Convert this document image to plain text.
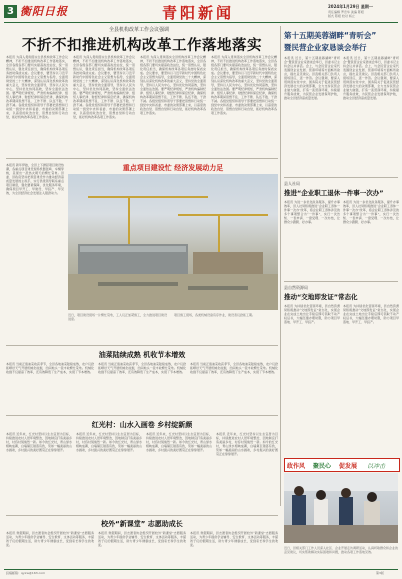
3 衡阳日报	青阳新闻	2024年1月29日 星期一
责任编辑 罗忠华 美编 陈昭
版式 陈昭 校对 杨立
全县机构改革工作会议强调
不折不扣推进机构改革工作落地落实
本报讯 为深入贯彻落实全县机构改革工作会议精神，不折不扣推进机构改革工作落地落实，全县各级各部门要切实提高政治站位，统一思想认识，强化责任担当，确保机构改革各项任务按时保质完成。会议要求，要坚持以习近平新时代中国特色社会主义思想为指导，全面贯彻党的二十大精神，深刻认识深化机构改革的重大意义，坚持党的全面领导，坚持以人民为中心，坚持优化协同高效，坚持全面依法治国。要严明纪律规矩，严肃机构编制纪律、组织人事纪律、财经纪律和保密纪律，确保机构改革期间思想不乱、工作不断、队伍不散、干劲不减。各级党组织和领导干部要把思想和行动统一到党中央和省委、市委的决策部署上来，以高度的政治自觉、思想自觉和行动自觉，抓好机构改革各项工作落实。
本报讯 为深入贯彻落实全县机构改革工作会议精神，不折不扣推进机构改革工作落地落实，全县各级各部门要切实提高政治站位，统一思想认识，强化责任担当，确保机构改革各项任务按时保质完成。会议要求，要坚持以习近平新时代中国特色社会主义思想为指导，全面贯彻党的二十大精神，深刻认识深化机构改革的重大意义，坚持党的全面领导，坚持以人民为中心，坚持优化协同高效，坚持全面依法治国。要严明纪律规矩，严肃机构编制纪律、组织人事纪律、财经纪律和保密纪律，确保机构改革期间思想不乱、工作不断、队伍不散、干劲不减。各级党组织和领导干部要把思想和行动统一到党中央和省委、市委的决策部署上来，以高度的政治自觉、思想自觉和行动自觉，抓好机构改革各项工作落实。
本报讯 为深入贯彻落实全县机构改革工作会议精神，不折不扣推进机构改革工作落地落实，全县各级各部门要切实提高政治站位，统一思想认识，强化责任担当，确保机构改革各项任务按时保质完成。会议要求，要坚持以习近平新时代中国特色社会主义思想为指导，全面贯彻党的二十大精神，深刻认识深化机构改革的重大意义，坚持党的全面领导，坚持以人民为中心，坚持优化协同高效，坚持全面依法治国。要严明纪律规矩，严肃机构编制纪律、组织人事纪律、财经纪律和保密纪律，确保机构改革期间思想不乱、工作不断、队伍不散、干劲不减。各级党组织和领导干部要把思想和行动统一到党中央和省委、市委的决策部署上来，以高度的政治自觉、思想自觉和行动自觉，抓好机构改革各项工作落实。
本报讯 为深入贯彻落实全县机构改革工作会议精神，不折不扣推进机构改革工作落地落实，全县各级各部门要切实提高政治站位，统一思想认识，强化责任担当，确保机构改革各项任务按时保质完成。会议要求，要坚持以习近平新时代中国特色社会主义思想为指导，全面贯彻党的二十大精神，深刻认识深化机构改革的重大意义，坚持党的全面领导，坚持以人民为中心，坚持优化协同高效，坚持全面依法治国。要严明纪律规矩，严肃机构编制纪律、组织人事纪律、财经纪律和保密纪律，确保机构改革期间思想不乱、工作不断、队伍不散、干劲不减。各级党组织和领导干部要把思想和行动统一到党中央和省委、市委的决策部署上来，以高度的政治自觉、思想自觉和行动自觉，抓好机构改革各项工作落实。
第十五期美蓉湖畔“青听会”
暨民营企业家恳谈会举行
本报讯 近日，第十五期美蓉湖畔“青听会”暨民营企业家恳谈会举行，县委书记主持会议并讲话。会上，与会民营企业家代表围绕企业发展、营商环境等方面畅所欲言，提出意见建议。县直相关部门负责人现场回应，逐一作答。会议强调，要深入贯彻落实党中央、国务院关于促进民营经济发展壮大的决策部署，全力支持民营企业做大做强，打造一流营商环境，持续提升服务质效，为民营企业发展保驾护航，推动全县经济高质量发展。
本报讯 近日，第十五期美蓉湖畔“青听会”暨民营企业家恳谈会举行，县委书记主持会议并讲话。会上，与会民营企业家代表围绕企业发展、营商环境等方面畅所欲言，提出意见建议。县直相关部门负责人现场回应，逐一作答。会议强调，要深入贯彻落实党中央、国务院关于促进民营经济发展壮大的决策部署，全力支持民营企业做大做强，打造一流营商环境，持续提升服务质效，为民营企业发展保驾护航，推动全县经济高质量发展。
本报讯 新年伊始，全县上下掀起项目建设热潮，各重点项目建设现场机器轰鸣、车辆穿梭，呈现出一派热火朝天的繁忙景象。县委、县政府坚持把项目建设作为推动经济高质量发展的主抓手，实行县级领导联系重点项目制度，强化要素保障，优化服务环境，确保项目早开工、早建设、早投产、早见效，为全县经济社会发展注入强劲动力。
重点项目建设忙 经济发展动力足
近日，项目建设现场一片繁忙景象，工人们正加紧施工，全力推进项目建设进度。
项目施工现场，各类机械设备有序作业，建设者们抢抓工期。
县人社局
推进“企业职工退休一件事一次办”
本报讯 为进一步优化政务服务，提升办事效率，县人社局积极推进“企业职工退休一件事一次办”改革，将企业职工退休涉及的多个事项整合为“一件事”，实行一次告知、一表申请、一窗受理、一次办结，让群众少跑腿、好办事。
本报讯 为进一步优化政务服务，提升办事效率，县人社局积极推进“企业职工退休一件事一次办”改革，将企业职工退休涉及的多个事项整合为“一件事”，实行一次告知、一表申请、一窗受理、一次办结，让群众少跑腿、好办事。
县自然资源局
推动“交地即发证”常态化
本报讯 为持续优化营商环境，县自然资源局积极推动“交地即发证”常态化，实现企业在完成土地出让手续后即可领取不动产权证书，大幅压缩办理时限，助力项目早落地、早开工、早投产。
本报讯 为持续优化营商环境，县自然资源局积极推动“交地即发证”常态化，实现企业在完成土地出让手续后即可领取不动产权证书，大幅压缩办理时限，助力项目早落地、早开工、早投产。
油菜陆续成熟 机收节本增效
本报讯 当前正值油菜收获季节，全县各地油菜陆续成熟，农户们抢抓晴好天气开展机械化收割，田间地头一派丰收繁忙景象。机械化收割不仅提高了效率，还有效降低了生产成本，实现了节本增效。
本报讯 当前正值油菜收获季节，全县各地油菜陆续成熟，农户们抢抓晴好天气开展机械化收割，田间地头一派丰收繁忙景象。机械化收割不仅提高了效率，还有效降低了生产成本，实现了节本增效。
本报讯 当前正值油菜收获季节，全县各地油菜陆续成熟，农户们抢抓晴好天气开展机械化收割，田间地头一派丰收繁忙景象。机械化收割不仅提高了效率，还有效降低了生产成本，实现了节本增效。
红光村：山水入画卷 乡村绽新颜
本报讯 近年来，红光村坚持以生态宜居为目标，持续推进农村人居环境整治，因地制宜打造美丽乡村，村容村貌焕然一新。如今的红光村，青山绿水相映成趣，白墙黛瓦错落有致，宛如一幅美丽的山水画卷，乡村振兴的美好图景正在徐徐展开。
本报讯 近年来，红光村坚持以生态宜居为目标，持续推进农村人居环境整治，因地制宜打造美丽乡村，村容村貌焕然一新。如今的红光村，青山绿水相映成趣，白墙黛瓦错落有致，宛如一幅美丽的山水画卷，乡村振兴的美好图景正在徐徐展开。
本报讯 近年来，红光村坚持以生态宜居为目标，持续推进农村人居环境整治，因地制宜打造美丽乡村，村容村貌焕然一新。如今的红光村，青山绿水相映成趣，白墙黛瓦错落有致，宛如一幅美丽的山水画卷，乡村振兴的美好图景正在徐徐展开。
本报讯 近年来，红光村坚持以生态宜居为目标，持续推进农村人居环境整治，因地制宜打造美丽乡村，村容村貌焕然一新。如今的红光村，青山绿水相映成趣，白墙黛瓦错落有致，宛如一幅美丽的山水画卷，乡村振兴的美好图景正在徐徐展开。
政作风 聚民心 促发展 以冲击
校外“新课堂” 志愿助成长
本报讯 寒假期间，县志愿者协会组织开展校外“新课堂”志愿服务活动，为青少年提供学业辅导、安全教育、文体活动等服务，丰富孩子们的假期生活，助力青少年健康成长，受到家长和学生的欢迎。
本报讯 寒假期间，县志愿者协会组织开展校外“新课堂”志愿服务活动，为青少年提供学业辅导、安全教育、文体活动等服务，丰富孩子们的假期生活，助力青少年健康成长，受到家长和学生的欢迎。
本报讯 寒假期间，县志愿者协会组织开展校外“新课堂”志愿服务活动，为青少年提供学业辅导、安全教育、文体活动等服务，丰富孩子们的假期生活，助力青少年健康成长，受到家长和学生的欢迎。
近日，县相关部门工作人员深入社区、企业开展走访调研活动，认真听取群众和企业的意见建议，切实帮助解决实际困难和问题，推动各项工作落地见效。
投稿邮箱：qyxw@163.com	第3版
